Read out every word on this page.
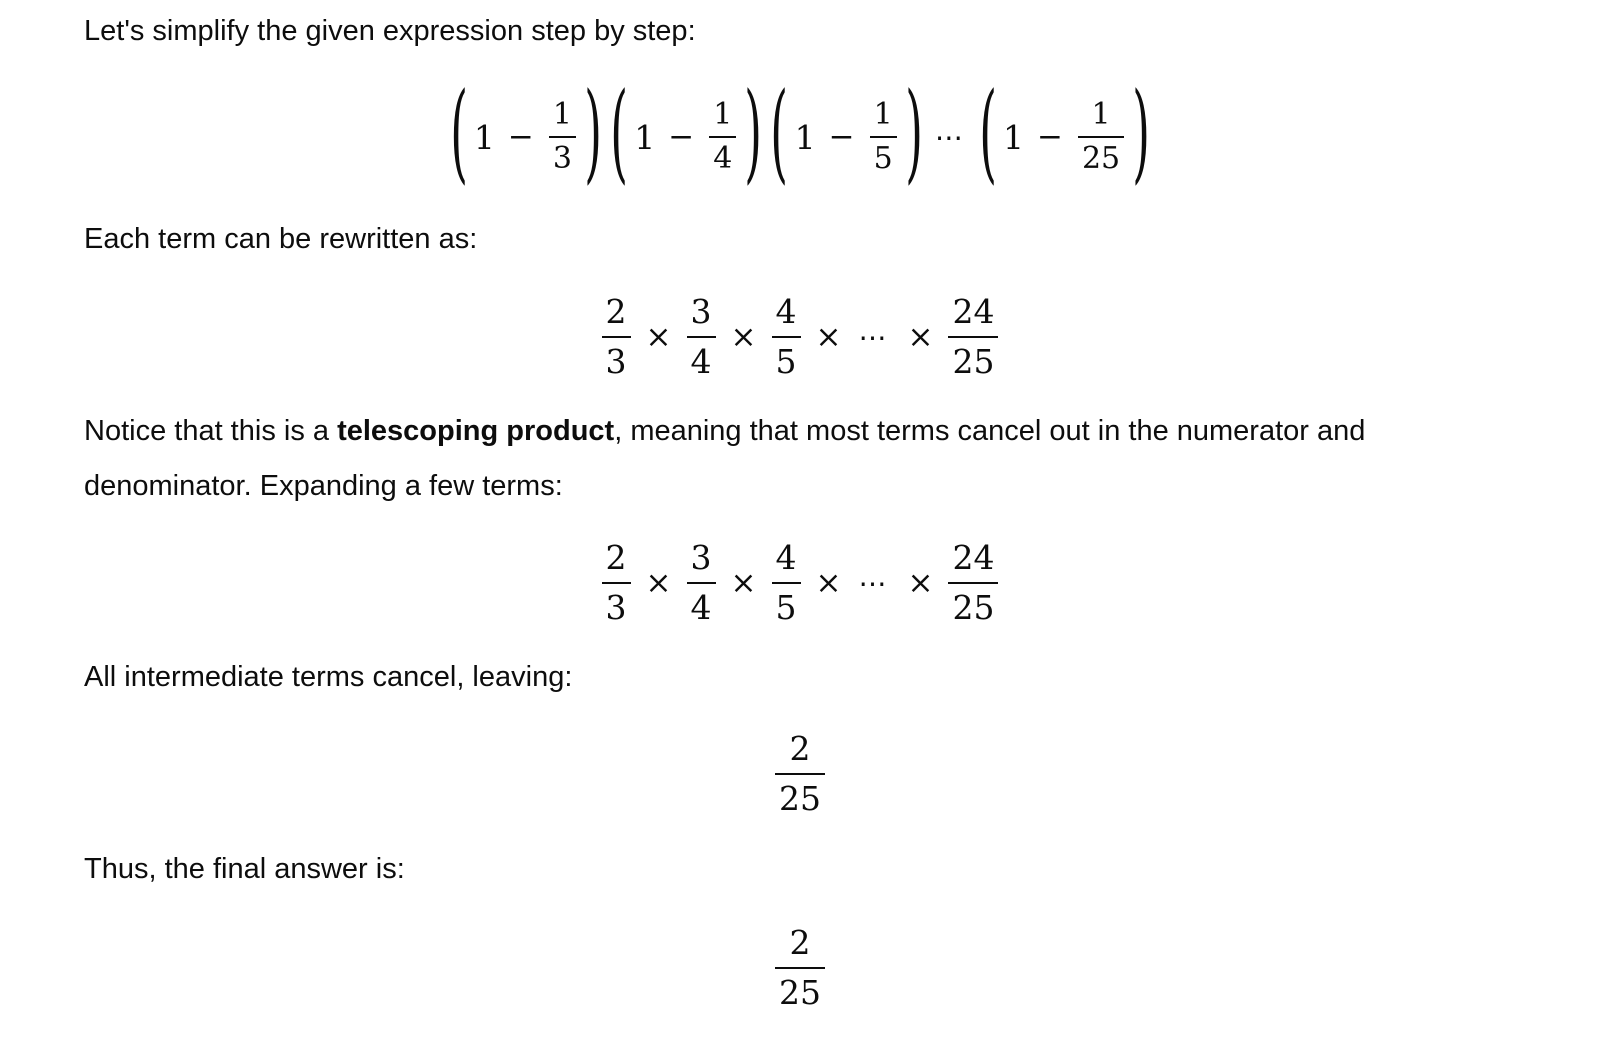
Let's simplify the given expression step by step:

( $1 - \frac{1}{3}$ ) ( $1 - \frac{1}{4}$ ) ( $1 - \frac{1}{5}$ ) ⋯ ( $1 - \frac{1}{25}$ )

Each term can be rewritten as:

$\frac{2}{3} \times \frac{3}{4} \times \frac{4}{5}$ × ⋯ × $\frac{24}{25}$

Notice that this is a telescoping product, meaning that most terms cancel out in the numerator and denominator. Expanding a few terms:

$\frac{2}{3} \times \frac{3}{4} \times \frac{4}{5}$ × ⋯ × $\frac{24}{25}$

All intermediate terms cancel, leaving:

$\frac{2}{25}$

Thus, the final answer is:

$\frac{2}{25}$
